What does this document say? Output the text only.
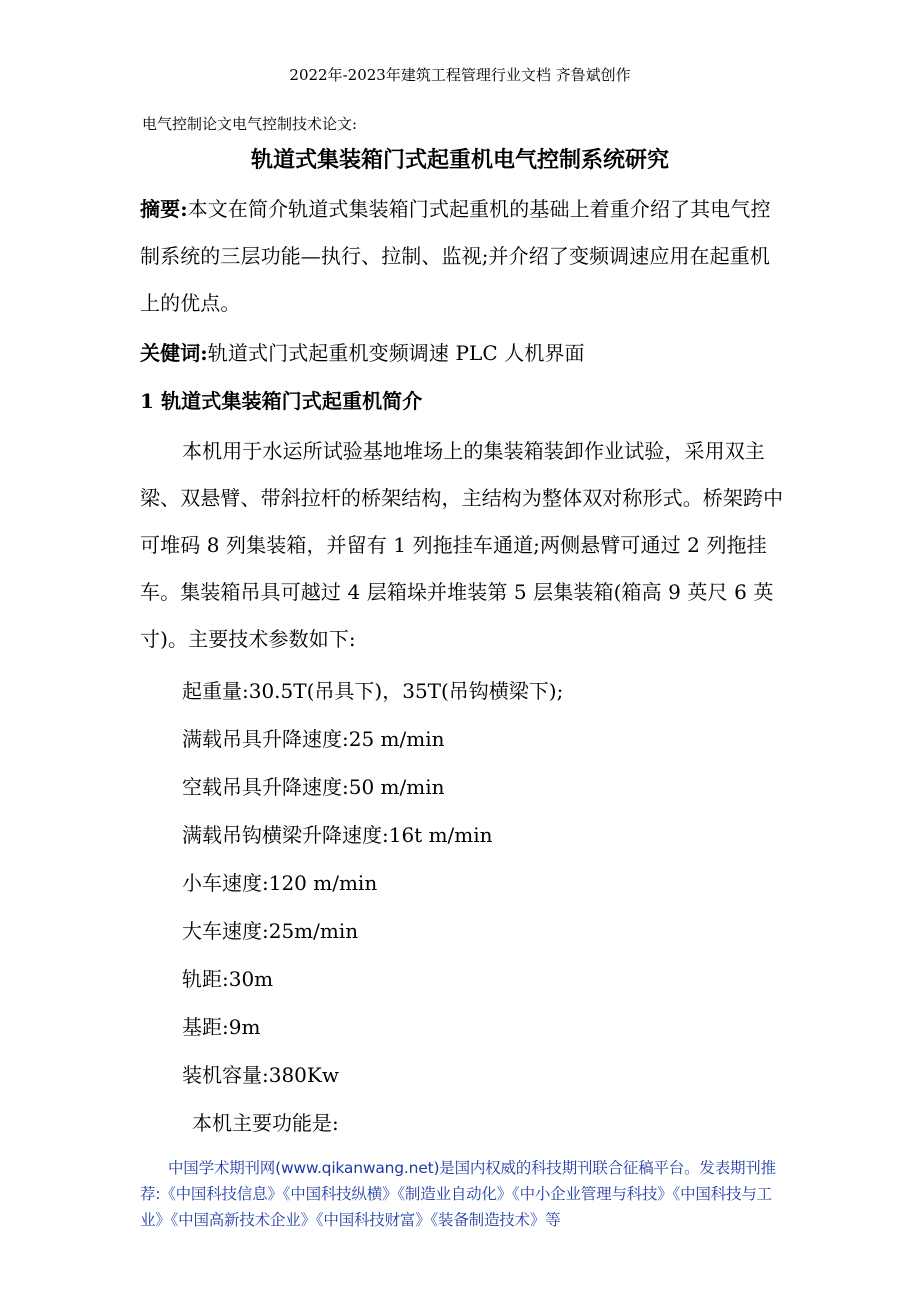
2022年-2023年建筑工程管理行业文档 齐鲁斌创作
电气控制论文电气控制技术论文:
轨道式集装箱门式起重机电气控制系统研究
摘要:本文在简介轨道式集装箱门式起重机的基础上着重介绍了其电气控制系统的三层功能—执行、拉制、监视;并介绍了变频调速应用在起重机上的优点。
关健词:轨道式门式起重机变频调速 PLC 人机界面
1 轨道式集装箱门式起重机简介
本机用于水运所试验基地堆场上的集装箱装卸作业试验，采用双主梁、双悬臂、带斜拉杆的桥架结构，主结构为整体双对称形式。桥架跨中可堆码 8 列集装箱，并留有 1 列拖挂车通道;两侧悬臂可通过 2 列拖挂车。集装箱吊具可越过 4 层箱垛并堆装第 5 层集装箱(箱高 9 英尺 6 英寸)。主要技术参数如下:
起重量:30.5T(吊具下)，35T(吊钩横梁下);
满载吊具升降速度:25 m/min
空载吊具升降速度:50 m/min
满载吊钩横梁升降速度:16t m/min
小车速度:120 m/min
大车速度:25m/min
轨距:30m
基距:9m
装机容量:380Kw
本机主要功能是:
中国学术期刊网(www.qikanwang.net)是国内权威的科技期刊联合征稿平台。发表期刊推荐:《中国科技信息》《中国科技纵横》《制造业自动化》《中小企业管理与科技》《中国科技与工业》《中国高新技术企业》《中国科技财富》《装备制造技术》等
